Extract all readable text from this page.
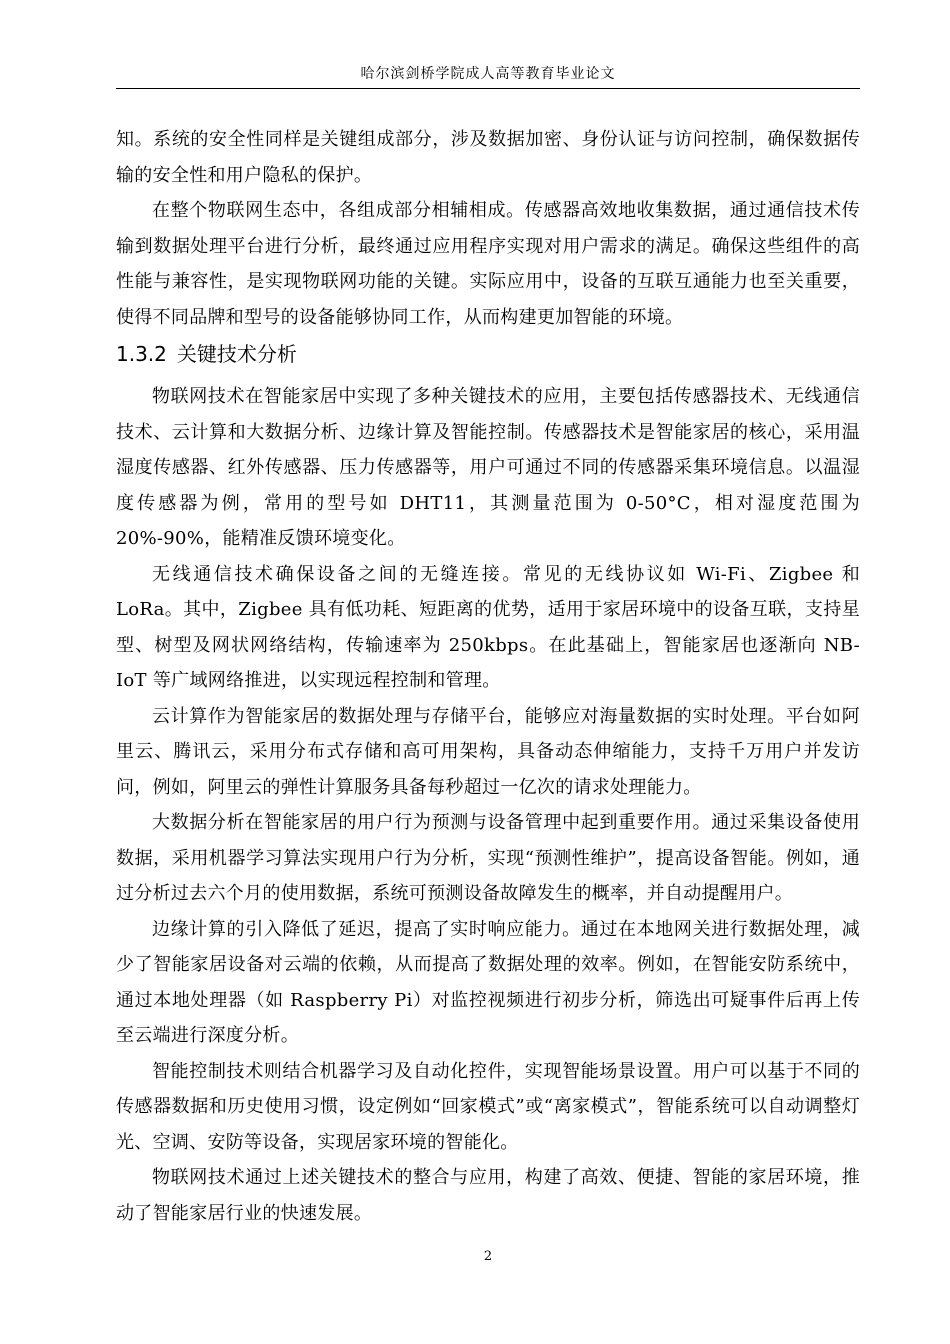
哈尔滨剑桥学院成人高等教育毕业论文

知。系统的安全性同样是关键组成部分，涉及数据加密、身份认证与访问控制，确保数据传输的安全性和用户隐私的保护。

在整个物联网生态中，各组成部分相辅相成。传感器高效地收集数据，通过通信技术传输到数据处理平台进行分析，最终通过应用程序实现对用户需求的满足。确保这些组件的高性能与兼容性，是实现物联网功能的关键。实际应用中，设备的互联互通能力也至关重要，使得不同品牌和型号的设备能够协同工作，从而构建更加智能的环境。

1.3.2 关键技术分析

物联网技术在智能家居中实现了多种关键技术的应用，主要包括传感器技术、无线通信技术、云计算和大数据分析、边缘计算及智能控制。传感器技术是智能家居的核心，采用温湿度传感器、红外传感器、压力传感器等，用户可通过不同的传感器采集环境信息。以温湿度传感器为例，常用的型号如 DHT11，其测量范围为 0-50°C，相对湿度范围为20%-90%，能精准反馈环境变化。

无线通信技术确保设备之间的无缝连接。常见的无线协议如 Wi-Fi、Zigbee 和 LoRa。其中，Zigbee 具有低功耗、短距离的优势，适用于家居环境中的设备互联，支持星型、树型及网状网络结构，传输速率为 250kbps。在此基础上，智能家居也逐渐向 NB-IoT 等广域网络推进，以实现远程控制和管理。

云计算作为智能家居的数据处理与存储平台，能够应对海量数据的实时处理。平台如阿里云、腾讯云，采用分布式存储和高可用架构，具备动态伸缩能力，支持千万用户并发访问，例如，阿里云的弹性计算服务具备每秒超过一亿次的请求处理能力。

大数据分析在智能家居的用户行为预测与设备管理中起到重要作用。通过采集设备使用数据，采用机器学习算法实现用户行为分析，实现“预测性维护”，提高设备智能。例如，通过分析过去六个月的使用数据，系统可预测设备故障发生的概率，并自动提醒用户。

边缘计算的引入降低了延迟，提高了实时响应能力。通过在本地网关进行数据处理，减少了智能家居设备对云端的依赖，从而提高了数据处理的效率。例如，在智能安防系统中，通过本地处理器（如 Raspberry Pi）对监控视频进行初步分析，筛选出可疑事件后再上传至云端进行深度分析。

智能控制技术则结合机器学习及自动化控件，实现智能场景设置。用户可以基于不同的传感器数据和历史使用习惯，设定例如“回家模式”或“离家模式”，智能系统可以自动调整灯光、空调、安防等设备，实现居家环境的智能化。

物联网技术通过上述关键技术的整合与应用，构建了高效、便捷、智能的家居环境，推动了智能家居行业的快速发展。

2
